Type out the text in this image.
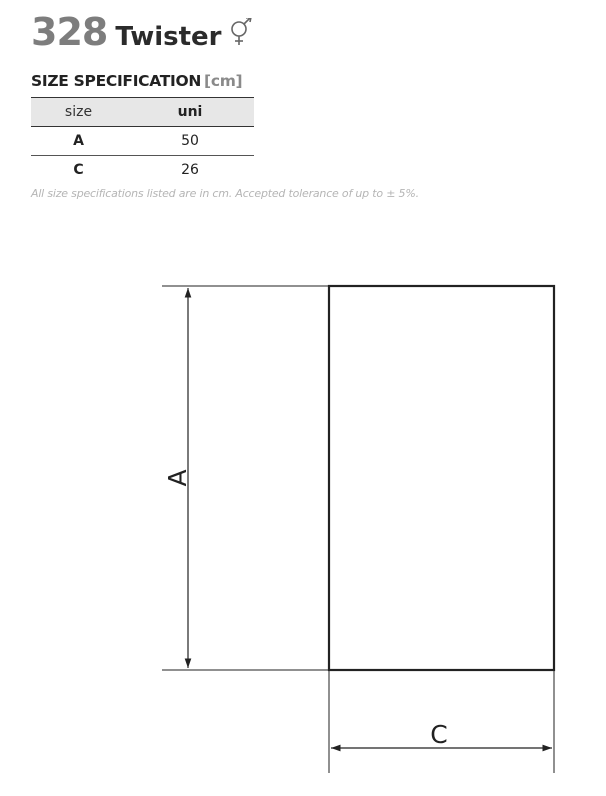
328 Twister
SIZE SPECIFICATION [cm]
size	uni
A	50
C	26
All size specifications listed are in cm. Accepted tolerance of up to ± 5%.
A
C
